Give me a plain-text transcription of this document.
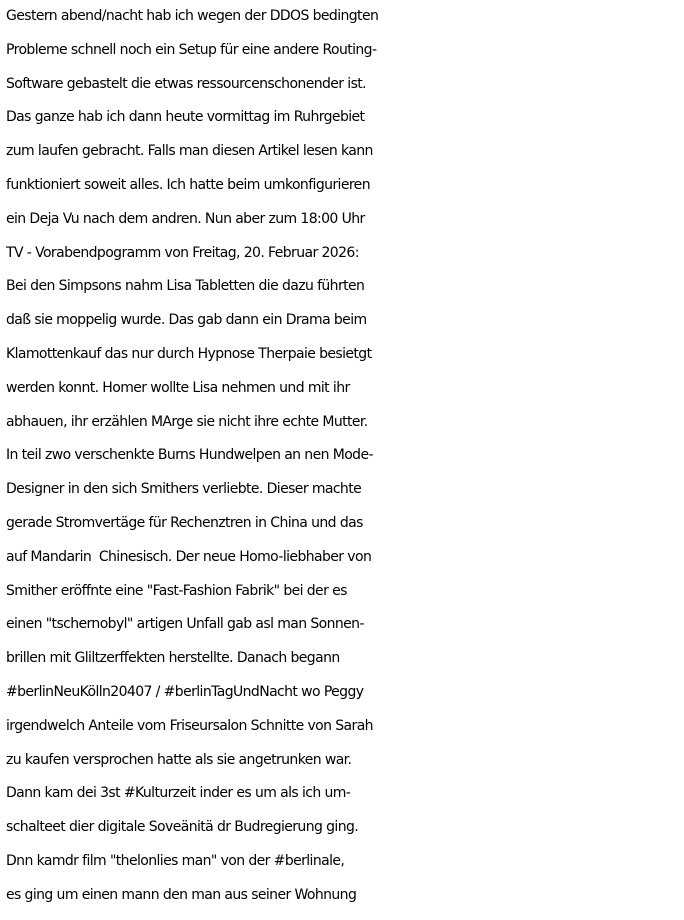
Gestern abend/nacht hab ich wegen der DDOS bedingten
Probleme schnell noch ein Setup für eine andere Routing-
Software gebastelt die etwas ressourcenschonender ist.
Das ganze hab ich dann heute vormittag im Ruhrgebiet
zum laufen gebracht. Falls man diesen Artikel lesen kann
funktioniert soweit alles. Ich hatte beim umkonfigurieren
ein Deja Vu nach dem andren. Nun aber zum 18:00 Uhr
TV - Vorabendpogramm von Freitag, 20. Februar 2026:
Bei den Simpsons nahm Lisa Tabletten die dazu führten
daß sie moppelig wurde. Das gab dann ein Drama beim
Klamottenkauf das nur durch Hypnose Therpaie besietgt
werden konnt. Homer wollte Lisa nehmen und mit ihr
abhauen, ihr erzählen MArge sie nicht ihre echte Mutter.
In teil zwo verschenkte Burns Hundwelpen an nen Mode-
Designer in den sich Smithers verliebte. Dieser machte
gerade Stromvertäge für Rechenztren in China und das
auf Mandarin  Chinesisch. Der neue Homo-liebhaber von
Smither eröffnte eine "Fast-Fashion Fabrik" bei der es
einen "tschernobyl" artigen Unfall gab asl man Sonnen-
brillen mit Gliltzerffekten herstellte. Danach begann
#berlinNeuKölln20407 / #berlinTagUndNacht wo Peggy
irgendwelch Anteile vom Friseursalon Schnitte von Sarah
zu kaufen versprochen hatte als sie angetrunken war.
Dann kam dei 3st #Kulturzeit inder es um als ich um-
schalteet dier digitale Soveänitä dr Budregierung ging.
Dnn kamdr film "thelonlies man" von der #berlinale,
es ging um einen mann den man aus seiner Wohnung
